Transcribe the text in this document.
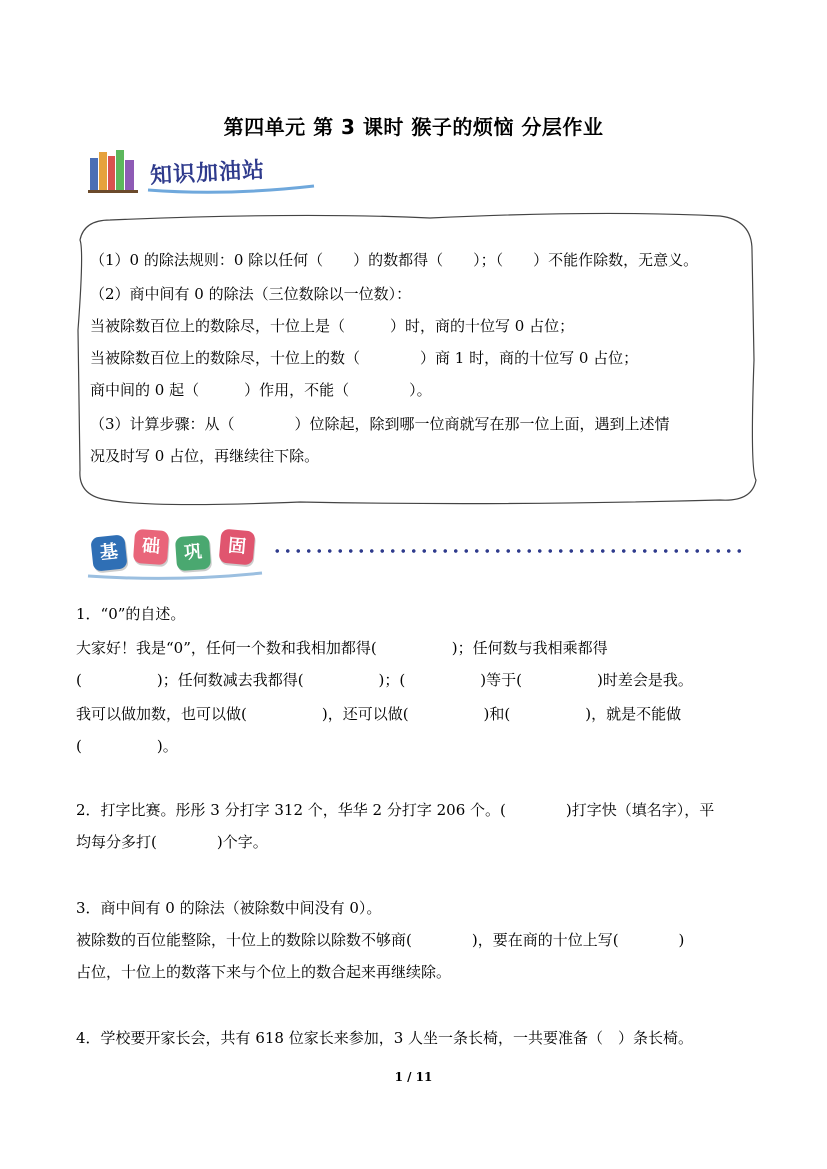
第四单元 第 3 课时 猴子的烦恼 分层作业
知识加油站
（1）0 的除法规则：0 除以任何（　　）的数都得（　　）；（　　）不能作除数，无意义。
（2）商中间有 0 的除法（三位数除以一位数）：
当被除数百位上的数除尽，十位上是（　　　）时，商的十位写 0 占位；
当被除数百位上的数除尽，十位上的数（　　　　）商 1 时，商的十位写 0 占位；
商中间的 0 起（　　　）作用，不能（　　　　）。
（3）计算步骤：从（　　　　）位除起，除到哪一位商就写在那一位上面，遇到上述情
况及时写 0 占位，再继续往下除。
基	础	巩	固
1．“0”的自述。
大家好！我是“0”，任何一个数和我相加都得(　　　　　)；任何数与我相乘都得
(　　　　　)；任何数减去我都得(　　　　　)；(　　　　　)等于(　　　　　)时差会是我。
我可以做加数，也可以做(　　　　　)，还可以做(　　　　　)和(　　　　　)，就是不能做
(　　　　　)。
2．打字比赛。彤彤 3 分打字 312 个，华华 2 分打字 206 个。(　　　　)打字快（填名字），平
均每分多打(　　　　)个字。
3．商中间有 0 的除法（被除数中间没有 0）。
被除数的百位能整除，十位上的数除以除数不够商(　　　　)，要在商的十位上写(　　　　)
占位，十位上的数落下来与个位上的数合起来再继续除。
4．学校要开家长会，共有 618 位家长来参加，3 人坐一条长椅，一共要准备（　）条长椅。
1 / 11
